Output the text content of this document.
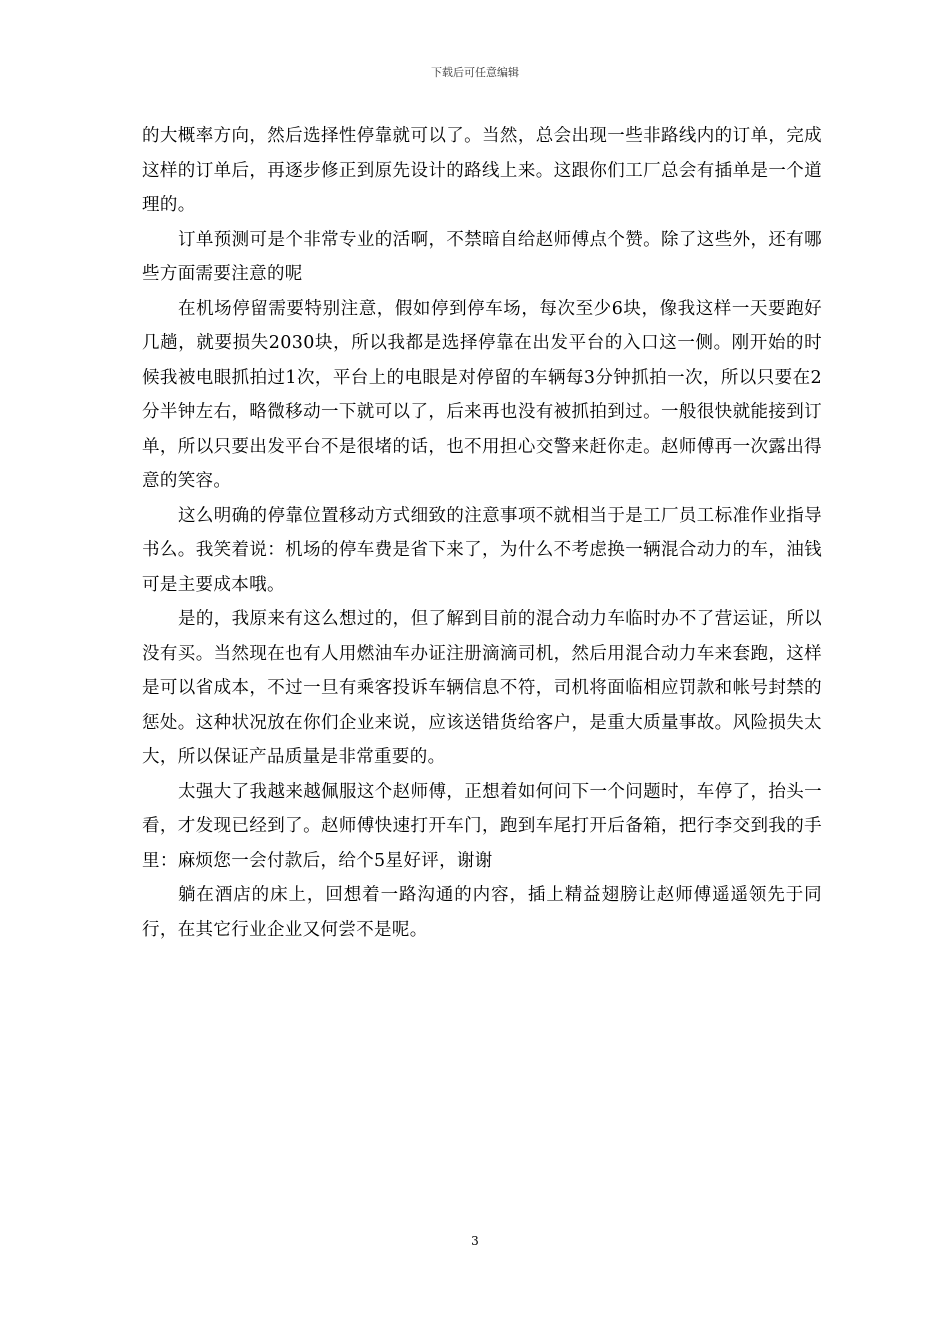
下载后可任意编辑

的大概率方向，然后选择性停靠就可以了。当然，总会出现一些非路线内的订单，完成这样的订单后，再逐步修正到原先设计的路线上来。这跟你们工厂总会有插单是一个道理的。

订单预测可是个非常专业的活啊，不禁暗自给赵师傅点个赞。除了这些外，还有哪些方面需要注意的呢

在机场停留需要特别注意，假如停到停车场，每次至少6块，像我这样一天要跑好几趟，就要损失2030块，所以我都是选择停靠在出发平台的入口这一侧。刚开始的时候我被电眼抓拍过1次，平台上的电眼是对停留的车辆每3分钟抓拍一次，所以只要在2分半钟左右，略微移动一下就可以了，后来再也没有被抓拍到过。一般很快就能接到订单，所以只要出发平台不是很堵的话，也不用担心交警来赶你走。赵师傅再一次露出得意的笑容。

这么明确的停靠位置移动方式细致的注意事项不就相当于是工厂员工标准作业指导书么。我笑着说：机场的停车费是省下来了，为什么不考虑换一辆混合动力的车，油钱可是主要成本哦。

是的，我原来有这么想过的，但了解到目前的混合动力车临时办不了营运证，所以没有买。当然现在也有人用燃油车办证注册滴滴司机，然后用混合动力车来套跑，这样是可以省成本，不过一旦有乘客投诉车辆信息不符，司机将面临相应罚款和帐号封禁的惩处。这种状况放在你们企业来说，应该送错货给客户，是重大质量事故。风险损失太大，所以保证产品质量是非常重要的。

太强大了我越来越佩服这个赵师傅，正想着如何问下一个问题时，车停了，抬头一看，才发现已经到了。赵师傅快速打开车门，跑到车尾打开后备箱，把行李交到我的手里：麻烦您一会付款后，给个5星好评，谢谢

躺在酒店的床上，回想着一路沟通的内容，插上精益翅膀让赵师傅遥遥领先于同行，在其它行业企业又何尝不是呢。

3
